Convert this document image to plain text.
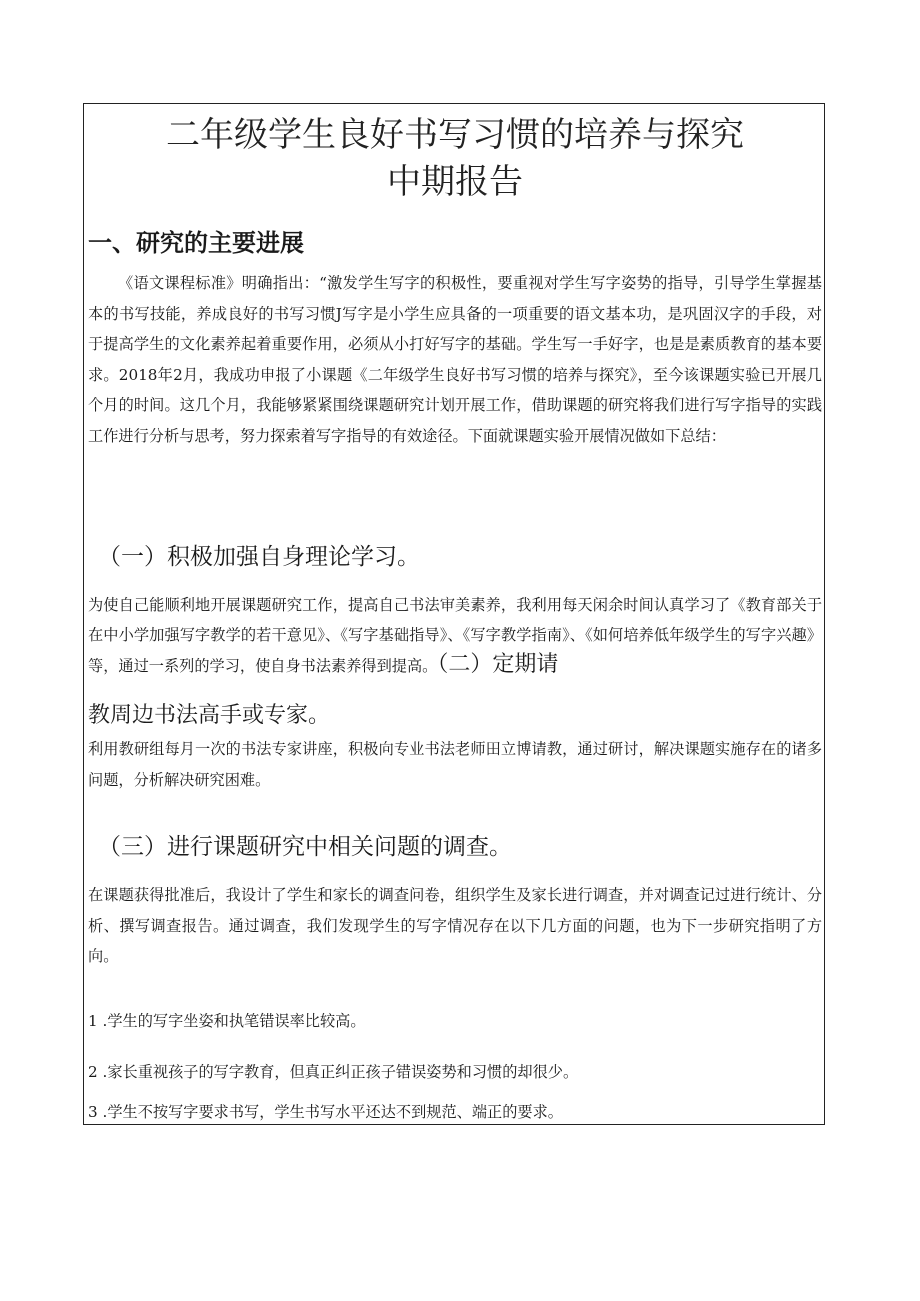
二年级学生良好书写习惯的培养与探究
中期报告
一、研究的主要进展

《语文课程标准》明确指出：“激发学生写字的积极性，要重视对学生写字姿势的指导，引导学生掌握基本的书写技能，养成良好的书写习惯J写字是小学生应具备的一项重要的语文基本功，是巩固汉字的手段，对于提高学生的文化素养起着重要作用，必须从小打好写字的基础。学生写一手好字，也是是素质教育的基本要求。2018年2月，我成功申报了小课题《二年级学生良好书写习惯的培养与探究》，至今该课题实验已开展几个月的时间。这几个月，我能够紧紧围绕课题研究计划开展工作，借助课题的研究将我们进行写字指导的实践工作进行分析与思考，努力探索着写字指导的有效途径。下面就课题实验开展情况做如下总结：

（一）积极加强自身理论学习。

为使自己能顺利地开展课题研究工作，提高自己书法审美素养，我利用每天闲余时间认真学习了《教育部关于在中小学加强写字教学的若干意见》、《写字基础指导》、《写字教学指南》、《如何培养低年级学生的写字兴趣》等，通过一系列的学习，使自身书法素养得到提高。（二）定期请

教周边书法高手或专家。

利用教研组每月一次的书法专家讲座，积极向专业书法老师田立博请教，通过研讨，解决课题实施存在的诸多问题，分析解决研究困难。

（三）进行课题研究中相关问题的调查。

在课题获得批准后，我设计了学生和家长的调查问卷，组织学生及家长进行调查，并对调查记过进行统计、分析、撰写调查报告。通过调查，我们发现学生的写字情况存在以下几方面的问题，也为下一步研究指明了方向。

1 .学生的写字坐姿和执笔错误率比较高。
2 .家长重视孩子的写字教育，但真正纠正孩子错误姿势和习惯的却很少。
3 .学生不按写字要求书写，学生书写水平还达不到规范、端正的要求。
